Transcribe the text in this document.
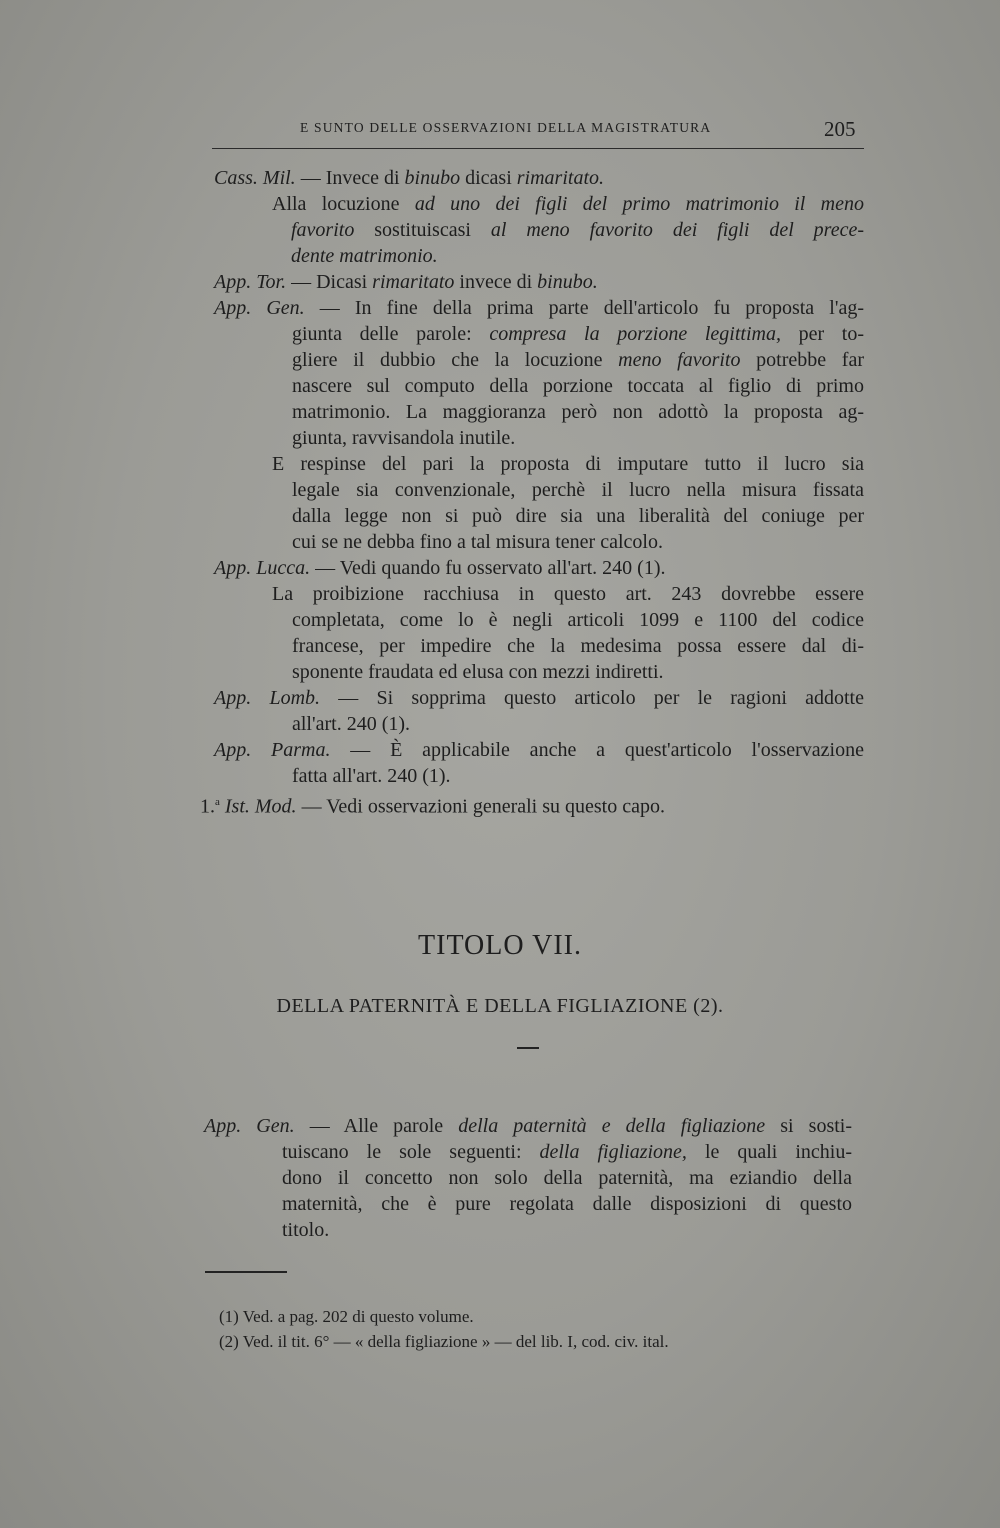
E SUNTO DELLE OSSERVAZIONI DELLA MAGISTRATURA	205
Cass. Mil. — Invece di binubo dicasi rimaritato.
Alla locuzione ad uno dei figli del primo matrimonio il meno
favorito sostituiscasi al meno favorito dei figli del prece-
dente matrimonio.
App. Tor. — Dicasi rimaritato invece di binubo.
App. Gen. — In fine della prima parte dell'articolo fu proposta l'ag-
giunta delle parole: compresa la porzione legittima, per to-
gliere il dubbio che la locuzione meno favorito potrebbe far
nascere sul computo della porzione toccata al figlio di primo
matrimonio. La maggioranza però non adottò la proposta ag-
giunta, ravvisandola inutile.
E respinse del pari la proposta di imputare tutto il lucro sia
legale sia convenzionale, perchè il lucro nella misura fissata
dalla legge non si può dire sia una liberalità del coniuge per
cui se ne debba fino a tal misura tener calcolo.
App. Lucca. — Vedi quando fu osservato all'art. 240 (1).
La proibizione racchiusa in questo art. 243 dovrebbe essere
completata, come lo è negli articoli 1099 e 1100 del codice
francese, per impedire che la medesima possa essere dal di-
sponente fraudata ed elusa con mezzi indiretti.
App. Lomb. — Si sopprima questo articolo per le ragioni addotte
all'art. 240 (1).
App. Parma. — È applicabile anche a quest'articolo l'osservazione
fatta all'art. 240 (1).
1.$^a$ Ist. Mod. — Vedi osservazioni generali su questo capo.
TITOLO VII.
DELLA PATERNITÀ E DELLA FIGLIAZIONE (2).
App. Gen. — Alle parole della paternità e della figliazione si sosti-
tuiscano le sole seguenti: della figliazione, le quali inchiu-
dono il concetto non solo della paternità, ma eziandio della
maternità, che è pure regolata dalle disposizioni di questo
titolo.
(1) Ved. a pag. 202 di questo volume.
(2) Ved. il tit. 6° — « della figliazione » — del lib. I, cod. civ. ital.
